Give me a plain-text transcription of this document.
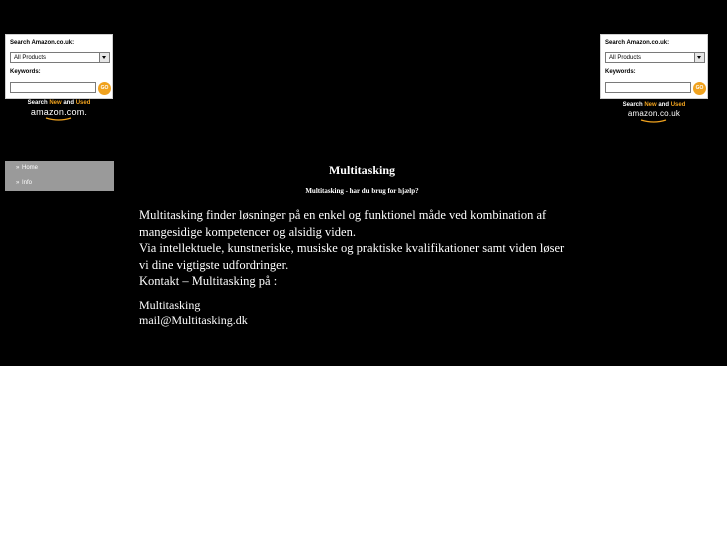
Search Amazon.co.uk:
All Products
Keywords:
GO
Search New and Used
amazon.com.
Search Amazon.co.uk:
All Products
Keywords:
GO
Search New and Used
amazon.co.uk
» Home
» Info
Multitasking
Multitasking - har du brug for hjælp?
Multitasking finder løsninger på en enkel og funktionel måde ved kombination af
mangesidige kompetencer og alsidig viden.
Via intellektuele, kunstneriske, musiske og praktiske kvalifikationer samt viden løser
vi dine vigtigste udfordringer.
Kontakt – Multitasking på :
Multitasking
mail@Multitasking.dk
